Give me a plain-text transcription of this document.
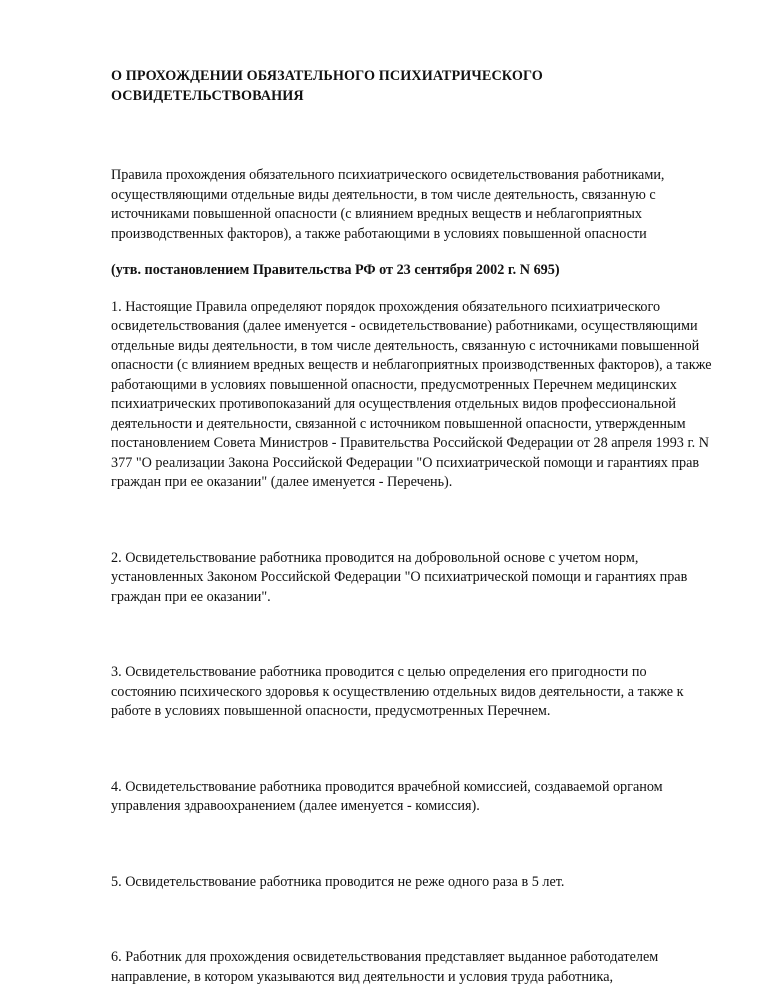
О ПРОХОЖДЕНИИ ОБЯЗАТЕЛЬНОГО ПСИХИАТРИЧЕСКОГО
ОСВИДЕТЕЛЬСТВОВАНИЯ

Правила прохождения обязательного психиатрического освидетельствования работниками, осуществляющими отдельные виды деятельности, в том числе деятельность, связанную с источниками повышенной опасности (с влиянием вредных веществ и неблагоприятных производственных факторов), а также работающими в условиях повышенной опасности

(утв. постановлением Правительства РФ от 23 сентября 2002 г. N 695)

1. Настоящие Правила определяют порядок прохождения обязательного психиатрического освидетельствования (далее именуется - освидетельствование) работниками, осуществляющими отдельные виды деятельности, в том числе деятельность, связанную с источниками повышенной опасности (с влиянием вредных веществ и неблагоприятных производственных факторов), а также работающими в условиях повышенной опасности, предусмотренных Перечнем медицинских психиатрических противопоказаний для осуществления отдельных видов профессиональной деятельности и деятельности, связанной с источником повышенной опасности, утвержденным постановлением Совета Министров - Правительства Российской Федерации от 28 апреля 1993 г. N 377 "О реализации Закона Российской Федерации "О психиатрической помощи и гарантиях прав граждан при ее оказании" (далее именуется - Перечень).

2. Освидетельствование работника проводится на добровольной основе с учетом норм, установленных Законом Российской Федерации "О психиатрической помощи и гарантиях прав граждан при ее оказании".

3. Освидетельствование работника проводится с целью определения его пригодности по состоянию психического здоровья к осуществлению отдельных видов деятельности, а также к работе в условиях повышенной опасности, предусмотренных Перечнем.

4. Освидетельствование работника проводится врачебной комиссией, создаваемой органом управления здравоохранением (далее именуется - комиссия).

5. Освидетельствование работника проводится не реже одного раза в 5 лет.

6. Работник для прохождения освидетельствования представляет выданное работодателем направление, в котором указываются вид деятельности и условия труда работника,
